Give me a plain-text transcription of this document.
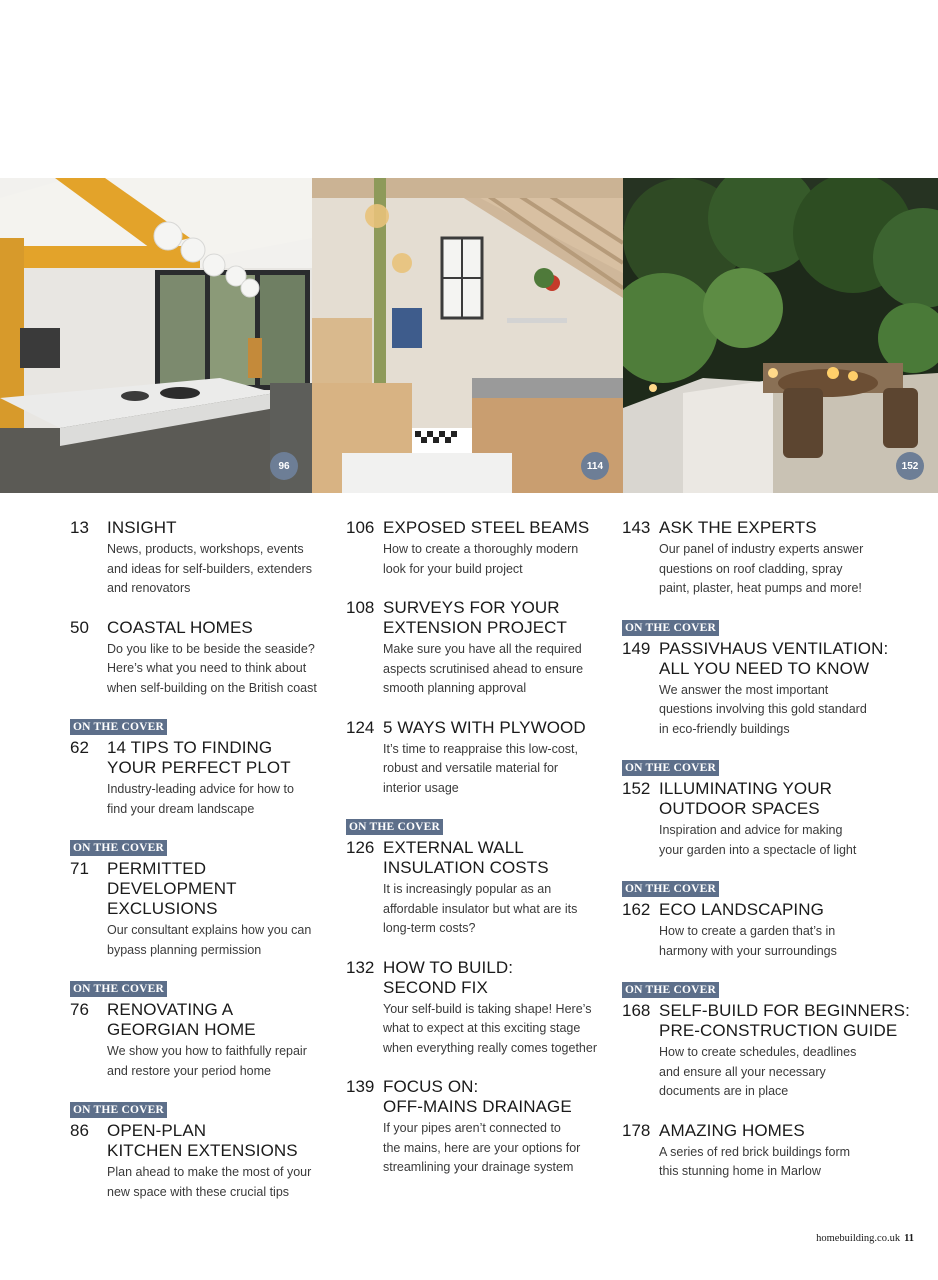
96	114	152
13	INSIGHT
News, products, workshops, events
and ideas for self-builders, extenders
and renovators
50	COASTAL HOMES
Do you like to be beside the seaside?
Here’s what you need to think about
when self-building on the British coast
ON THE COVER
62	14 TIPS TO FINDING
YOUR PERFECT PLOT
Industry-leading advice for how to
find your dream landscape
ON THE COVER
71	PERMITTED DEVELOPMENT
EXCLUSIONS
Our consultant explains how you can
bypass planning permission
ON THE COVER
76	RENOVATING A
GEORGIAN HOME
We show you how to faithfully repair
and restore your period home
ON THE COVER
86	OPEN-PLAN
KITCHEN EXTENSIONS
Plan ahead to make the most of your
new space with these crucial tips
106 EXPOSED STEEL BEAMS
How to create a thoroughly modern
look for your build project
108 SURVEYS FOR YOUR
EXTENSION PROJECT
Make sure you have all the required
aspects scrutinised ahead to ensure
smooth planning approval
124 5 WAYS WITH PLYWOOD
It’s time to reappraise this low-cost,
robust and versatile material for
interior usage
ON THE COVER
126 EXTERNAL WALL
INSULATION COSTS
It is increasingly popular as an
affordable insulator but what are its
long-term costs?
132 HOW TO BUILD:
SECOND FIX
Your self-build is taking shape! Here’s
what to expect at this exciting stage
when everything really comes together
139 FOCUS ON:
OFF-MAINS DRAINAGE
If your pipes aren’t connected to
the mains, here are your options for
streamlining your drainage system
143 ASK THE EXPERTS
Our panel of industry experts answer
questions on roof cladding, spray
paint, plaster, heat pumps and more!
ON THE COVER
149 PASSIVHAUS VENTILATION:
ALL YOU NEED TO KNOW
We answer the most important
questions involving this gold standard
in eco-friendly buildings
ON THE COVER
152 ILLUMINATING YOUR
OUTDOOR SPACES
Inspiration and advice for making
your garden into a spectacle of light
ON THE COVER
162 ECO LANDSCAPING
How to create a garden that’s in
harmony with your surroundings
ON THE COVER
168 SELF-BUILD FOR BEGINNERS:
PRE-CONSTRUCTION GUIDE
How to create schedules, deadlines
and ensure all your necessary
documents are in place
178 AMAZING HOMES
A series of red brick buildings form
this stunning home in Marlow
homebuilding.co.uk 11
